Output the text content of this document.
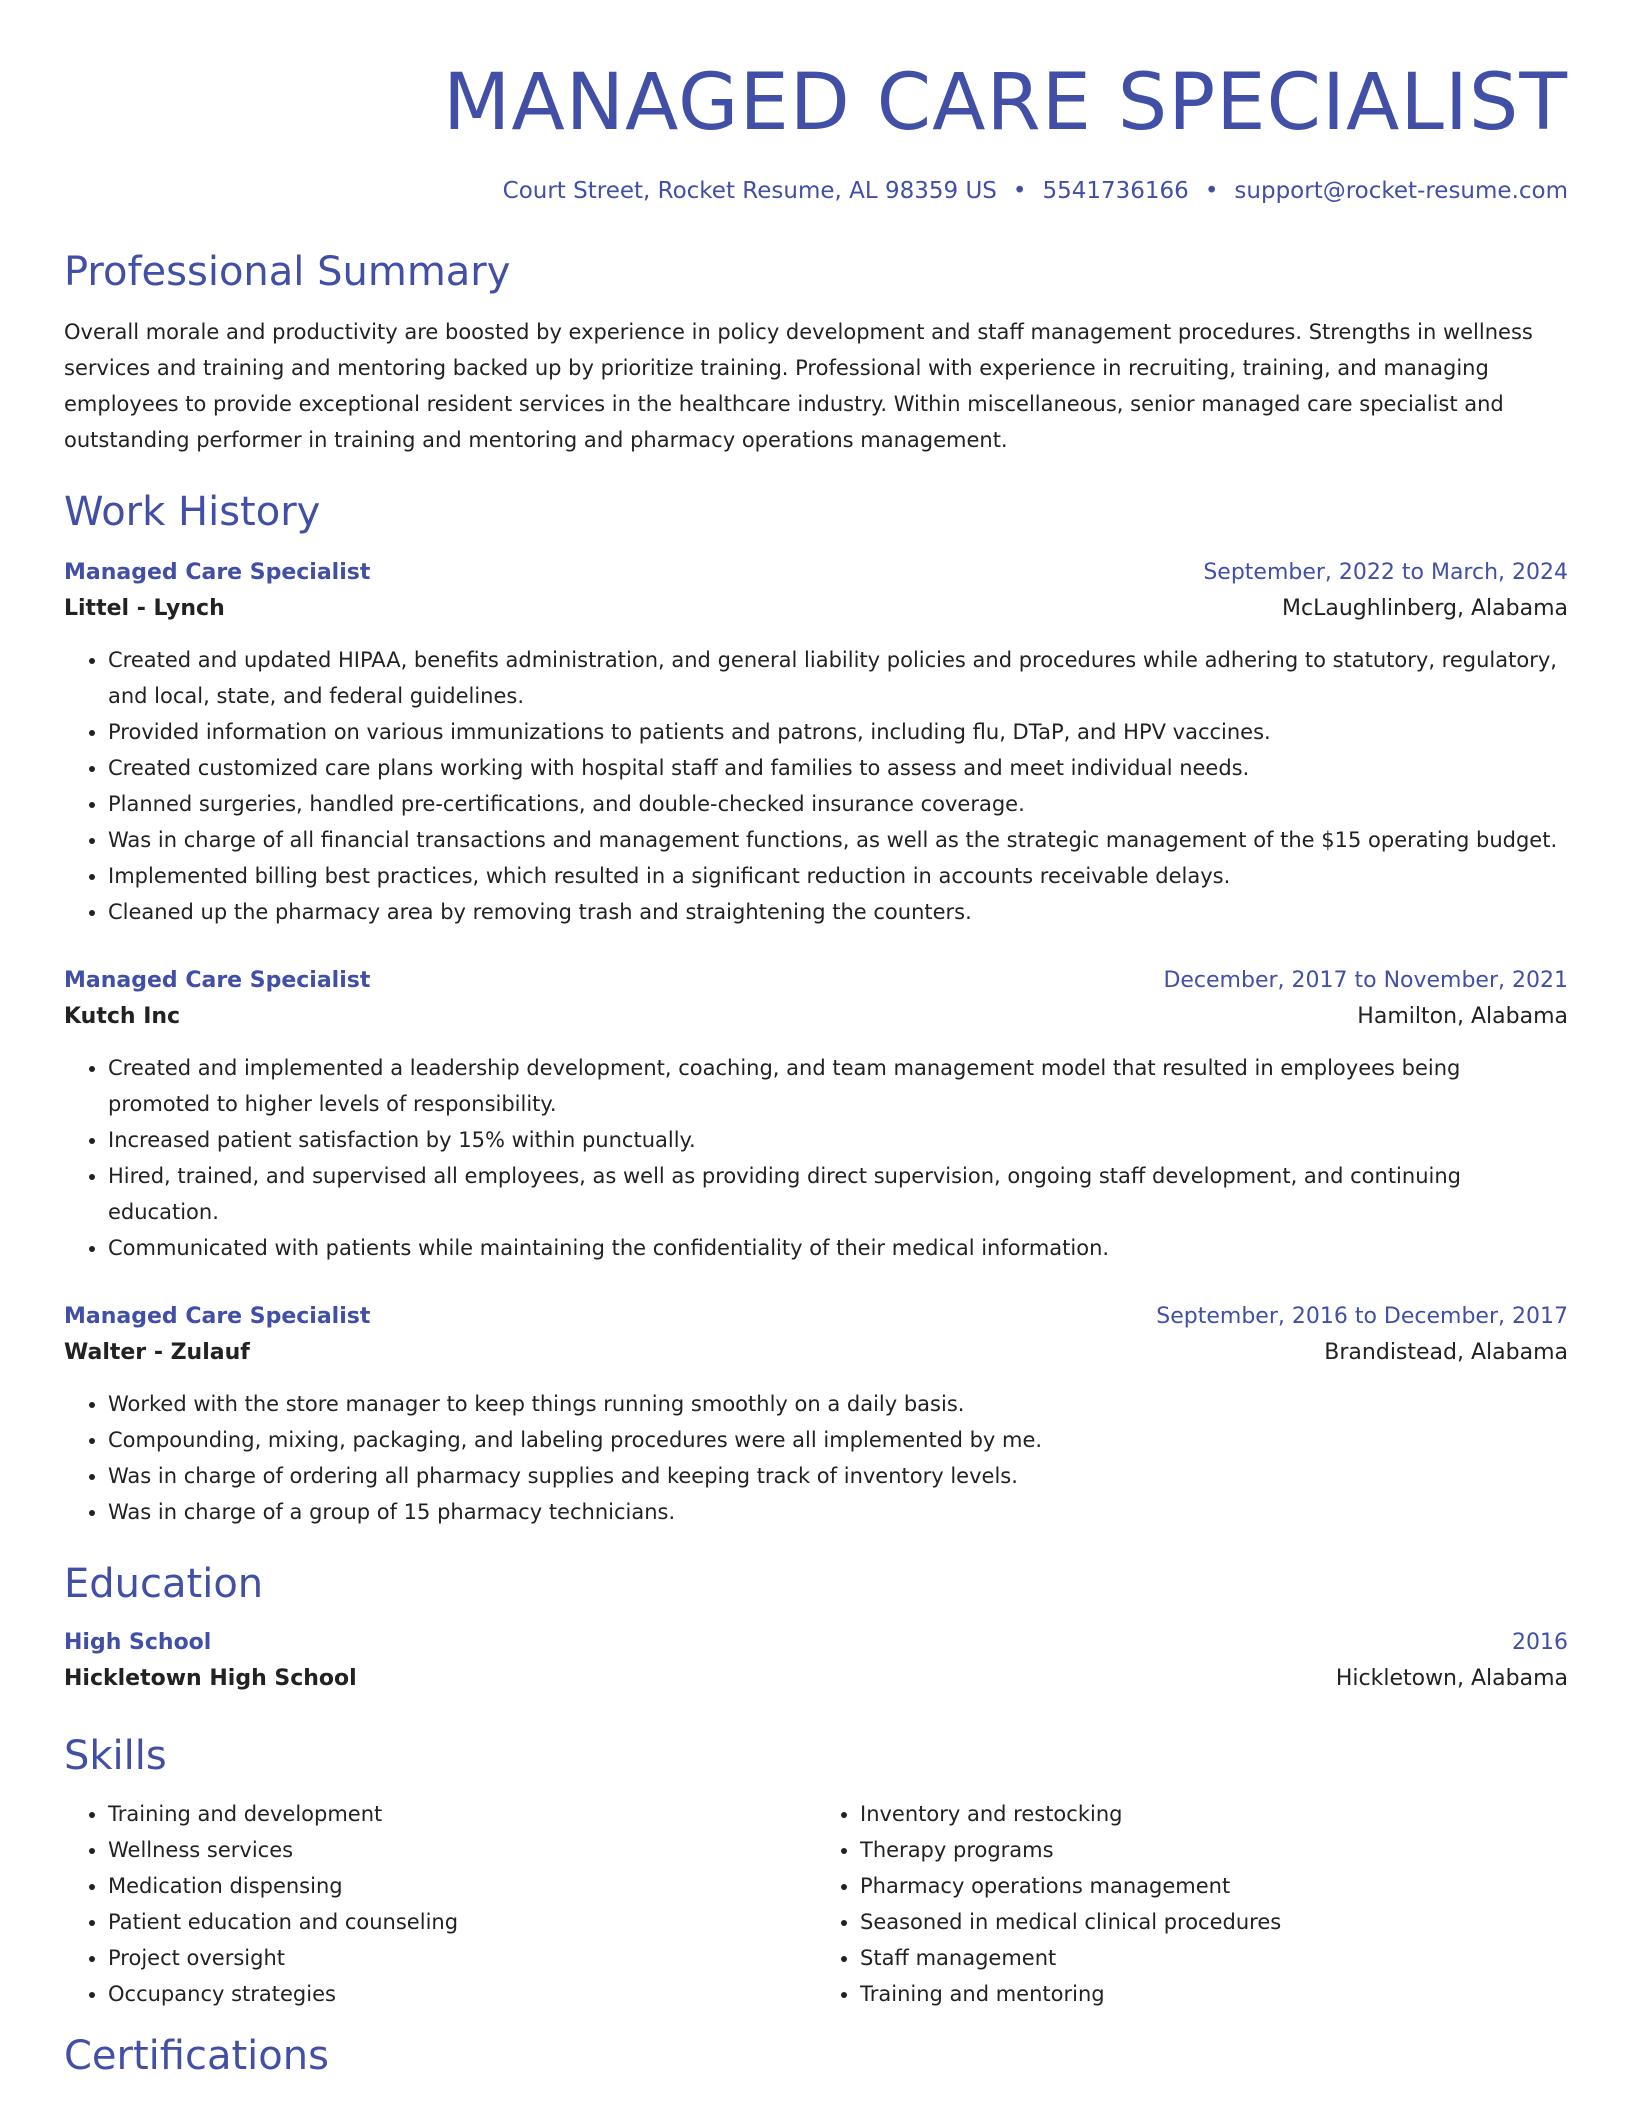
MANAGED CARE SPECIALIST
Court Street, Rocket Resume, AL 98359 US • 5541736166 • support@rocket-resume.com
Professional Summary
Overall morale and productivity are boosted by experience in policy development and staff management procedures. Strengths in wellness services and training and mentoring backed up by prioritize training. Professional with experience in recruiting, training, and managing employees to provide exceptional resident services in the healthcare industry. Within miscellaneous, senior managed care specialist and outstanding performer in training and mentoring and pharmacy operations management.
Work History
Managed Care Specialist	September, 2022 to March, 2024
Littel - Lynch	McLaughlinberg, Alabama
• Created and updated HIPAA, benefits administration, and general liability policies and procedures while adhering to statutory, regulatory, and local, state, and federal guidelines.
• Provided information on various immunizations to patients and patrons, including flu, DTaP, and HPV vaccines.
• Created customized care plans working with hospital staff and families to assess and meet individual needs.
• Planned surgeries, handled pre-certifications, and double-checked insurance coverage.
• Was in charge of all financial transactions and management functions, as well as the strategic management of the $15 operating budget.
• Implemented billing best practices, which resulted in a significant reduction in accounts receivable delays.
• Cleaned up the pharmacy area by removing trash and straightening the counters.
Managed Care Specialist	December, 2017 to November, 2021
Kutch Inc	Hamilton, Alabama
• Created and implemented a leadership development, coaching, and team management model that resulted in employees being promoted to higher levels of responsibility.
• Increased patient satisfaction by 15% within punctually.
• Hired, trained, and supervised all employees, as well as providing direct supervision, ongoing staff development, and continuing education.
• Communicated with patients while maintaining the confidentiality of their medical information.
Managed Care Specialist	September, 2016 to December, 2017
Walter - Zulauf	Brandistead, Alabama
• Worked with the store manager to keep things running smoothly on a daily basis.
• Compounding, mixing, packaging, and labeling procedures were all implemented by me.
• Was in charge of ordering all pharmacy supplies and keeping track of inventory levels.
• Was in charge of a group of 15 pharmacy technicians.
Education
High School	2016
Hickletown High School	Hickletown, Alabama
Skills
• Training and development
• Wellness services
• Medication dispensing
• Patient education and counseling
• Project oversight
• Occupancy strategies
• Inventory and restocking
• Therapy programs
• Pharmacy operations management
• Seasoned in medical clinical procedures
• Staff management
• Training and mentoring
Certifications
